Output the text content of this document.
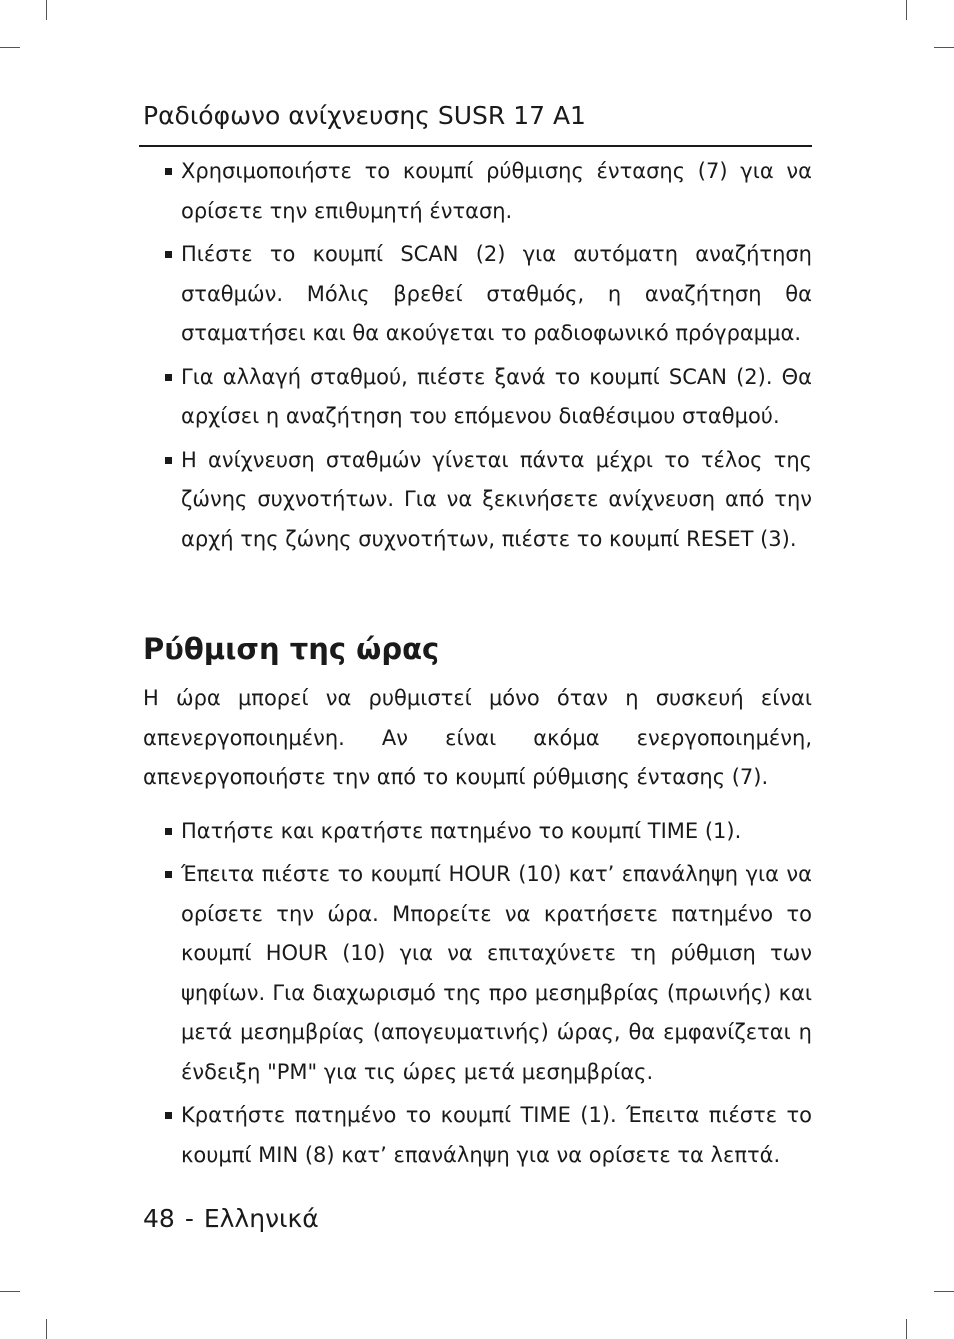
Ραδιόφωνο ανίχνευσης SUSR 17 A1
Χρησιμοποιήστε το κουμπί ρύθμισης έντασης (7) για να ορίσετε την επιθυμητή ένταση.
Πιέστε το κουμπί SCAN (2) για αυτόματη αναζήτηση σταθμών. Μόλις βρεθεί σταθμός, η αναζήτηση θα σταματήσει και θα ακούγεται το ραδιοφωνικό πρόγραμμα.
Για αλλαγή σταθμού, πιέστε ξανά το κουμπί SCAN (2). Θα αρχίσει η αναζήτηση του επόμενου διαθέσιμου σταθμού.
Η ανίχνευση σταθμών γίνεται πάντα μέχρι το τέλος της ζώνης συχνοτήτων. Για να ξεκινήσετε ανίχνευση από την αρχή της ζώνης συχνοτήτων, πιέστε το κουμπί RESET (3).
Ρύθμιση της ώρας

Η ώρα μπορεί να ρυθμιστεί μόνο όταν η συσκευή είναι απενεργοποιημένη. Αν είναι ακόμα ενεργοποιημένη, απενεργοποιήστε την από το κουμπί ρύθμισης έντασης (7).

Πατήστε και κρατήστε πατημένο το κουμπί TIME (1).
Έπειτα πιέστε το κουμπί HOUR (10) κατ’ επανάληψη για να ορίσετε την ώρα. Μπορείτε να κρατήσετε πατημένο το κουμπί HOUR (10) για να επιταχύνετε τη ρύθμιση των ψηφίων. Για διαχωρισμό της προ μεσημβρίας (πρωινής) και μετά μεσημβρίας (απογευματινής) ώρας, θα εμφανίζεται η ένδειξη "PM" για τις ώρες μετά μεσημβρίας.
Κρατήστε πατημένο το κουμπί TIME (1). Έπειτα πιέστε το κουμπί MIN (8) κατ’ επανάληψη για να ορίσετε τα λεπτά.
48 - Ελληνικά
